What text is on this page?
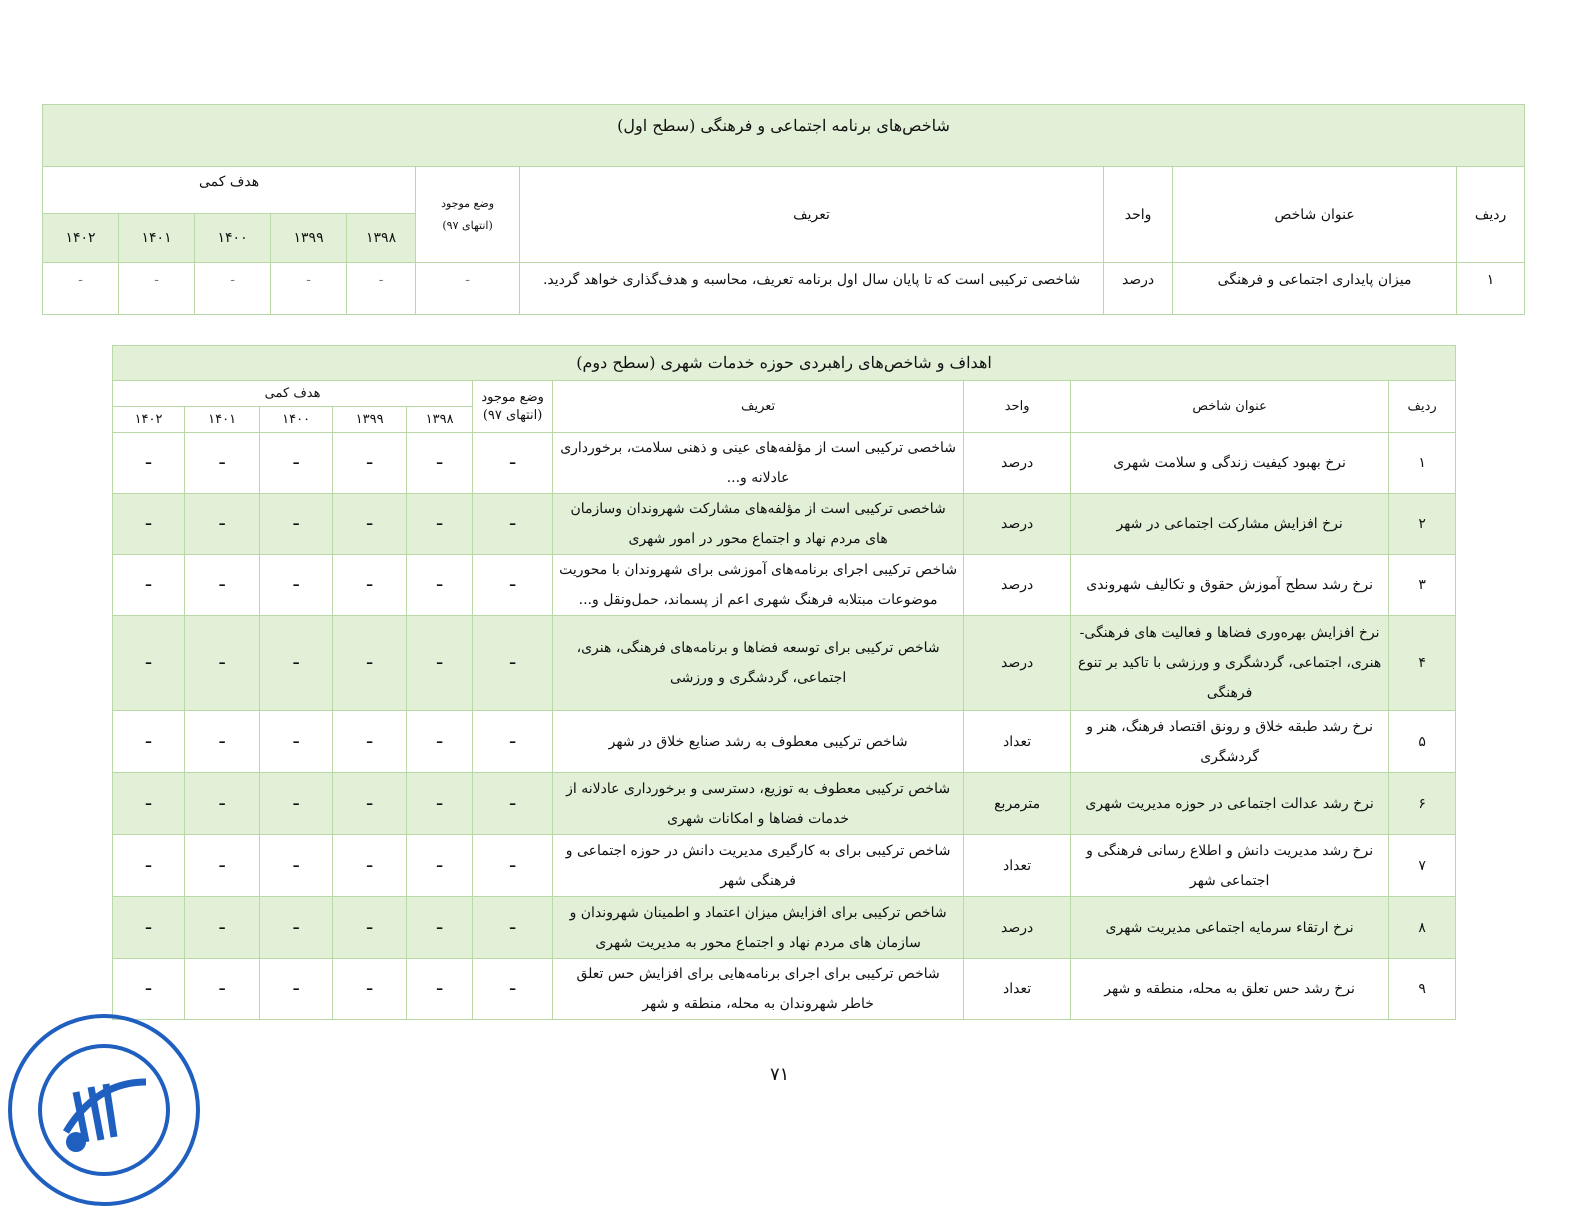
شاخص‌های برنامه اجتماعی و فرهنگی (سطح اول)									
ردیف	عنوان شاخص	واحد	تعریف	وضع موجود
(انتهای ۹۷)	هدف کمی				
					۱۳۹۸	۱۳۹۹	۱۴۰۰	۱۴۰۱	۱۴۰۲
۱	میزان پایداری اجتماعی و فرهنگی	درصد	شاخصی ترکیبی است که تا پایان سال اول برنامه تعریف، محاسبه و هدف‌گذاری خواهد گردید.	-	-	-	-	-	-
اهداف و شاخص‌های راهبردی حوزه خدمات شهری (سطح دوم)									
ردیف	عنوان شاخص	واحد	تعریف	وضع موجود
(انتهای ۹۷)	هدف کمی				
					۱۳۹۸	۱۳۹۹	۱۴۰۰	۱۴۰۱	۱۴۰۲
۱	نرخ بهبود کیفیت زندگی و سلامت شهری	درصد	شاخصی ترکیبی است از مؤلفه‌های عینی و ذهنی سلامت، برخورداری عادلانه و...	–	–	–	–	–	–
۲	نرخ افزایش مشارکت اجتماعی در شهر	درصد	شاخصی ترکیبی است از مؤلفه‌های مشارکت شهروندان وسازمان های مردم نهاد و اجتماع محور در امور شهری	–	–	–	–	–	–
۳	نرخ رشد سطح آموزش حقوق و تکالیف شهروندی	درصد	شاخص ترکیبی اجرای برنامه‌های آموزشی برای شهروندان با محوریت موضوعات مبتلابه فرهنگ شهری اعم از پسماند، حمل‌ونقل و...	–	–	–	–	–	–
۴	نرخ افزایش بهره‌وری فضاها و فعالیت های فرهنگی- هنری، اجتماعی، گردشگری و ورزشی با تاکید بر تنوع فرهنگی	درصد	شاخص ترکیبی برای توسعه فضاها و برنامه‌های فرهنگی، هنری، اجتماعی، گردشگری و ورزشی	–	–	–	–	–	–
۵	نرخ رشد طبقه خلاق و رونق اقتصاد فرهنگ، هنر و گردشگری	تعداد	شاخص ترکیبی معطوف به رشد صنایع خلاق در شهر	–	–	–	–	–	–
۶	نرخ رشد عدالت اجتماعی در حوزه مدیریت شهری	مترمربع	شاخص ترکیبی معطوف به توزیع، دسترسی و برخورداری عادلانه از خدمات فضاها و امکانات شهری	–	–	–	–	–	–
۷	نرخ رشد مدیریت دانش و اطلاع رسانی فرهنگی و اجتماعی شهر	تعداد	شاخص ترکیبی برای به کارگیری مدیریت دانش در حوزه اجتماعی و فرهنگی شهر	–	–	–	–	–	–
۸	نرخ ارتقاء سرمایه اجتماعی مدیریت شهری	درصد	شاخص ترکیبی برای افزایش میزان اعتماد و اطمینان شهروندان و سازمان های مردم نهاد و اجتماع محور به مدیریت شهری	–	–	–	–	–	–
۹	نرخ رشد حس تعلق به محله، منطقه و شهر	تعداد	شاخص ترکیبی برای اجرای برنامه‌هایی برای افزایش حس تعلق خاطر شهروندان به محله، منطقه و شهر	–	–	–	–	–	–
۷۱
